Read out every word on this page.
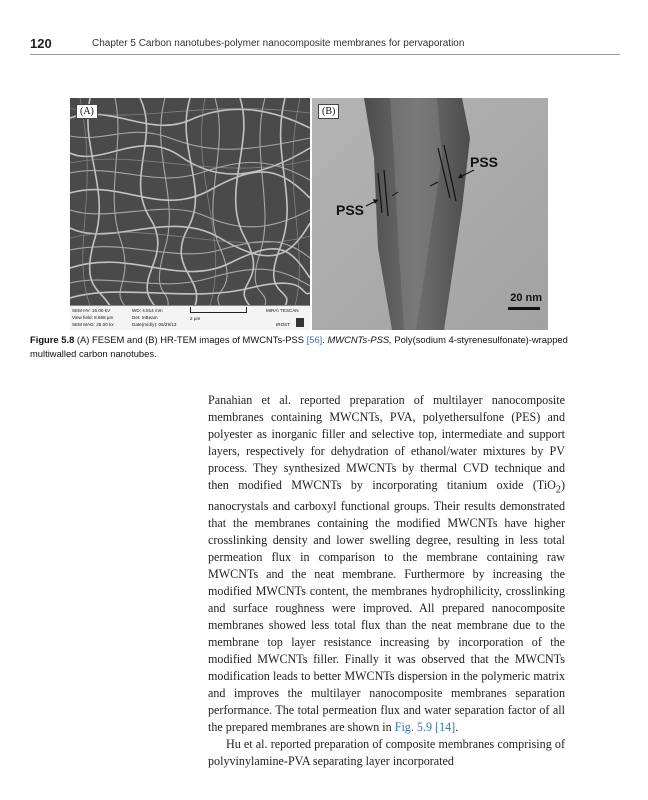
120	Chapter 5 Carbon nanotubes-polymer nanocomposite membranes for pervaporation
(A)
SEM HV: 15.00 kV
View field: 8.668 µm
SEM MAG: 25.00 kx
WD: 4.914 mm
Det: InBeam
Date(m/d/y): 05/29/13
2 µm
MIRA\ TESCAN
IROST
(B)
PSS
PSS
20 nm
Figure 5.8 (A) FESEM and (B) HR-TEM images of MWCNTs-PSS [56]. MWCNTs-PSS, Poly(sodium 4-styrenesulfonate)-wrapped multiwalled carbon nanotubes.

Panahian et al. reported preparation of multilayer nanocomposite membranes containing MWCNTs, PVA, polyethersulfone (PES) and polyester as inorganic filler and selective top, intermediate and support layers, respectively for dehydration of ethanol/water mixtures by PV process. They synthesized MWCNTs by thermal CVD technique and then modified MWCNTs by incorporating titanium oxide (TiO$_2$) nanocrystals and carboxyl functional groups. Their results demonstrated that the membranes containing the modified MWCNTs have higher crosslinking density and lower swelling degree, resulting in less total permeation flux in comparison to the membrane containing raw MWCNTs and the neat membrane. Furthermore by increasing the modified MWCNTs content, the membranes hydrophilicity, crosslinking and surface roughness were improved. All prepared nanocomposite membranes showed less total flux than the neat membrane due to the membrane top layer resistance increasing by incorporation of the modified MWCNTs filler. Finally it was observed that the MWCNTs modification leads to better MWCNTs dispersion in the polymeric matrix and improves the multilayer nanocomposite membranes separation performance. The total permeation flux and water separation factor of all the prepared membranes are shown in Fig. 5.9 [14].

Hu et al. reported preparation of composite membranes comprising of polyvinylamine-PVA separating layer incorporated
